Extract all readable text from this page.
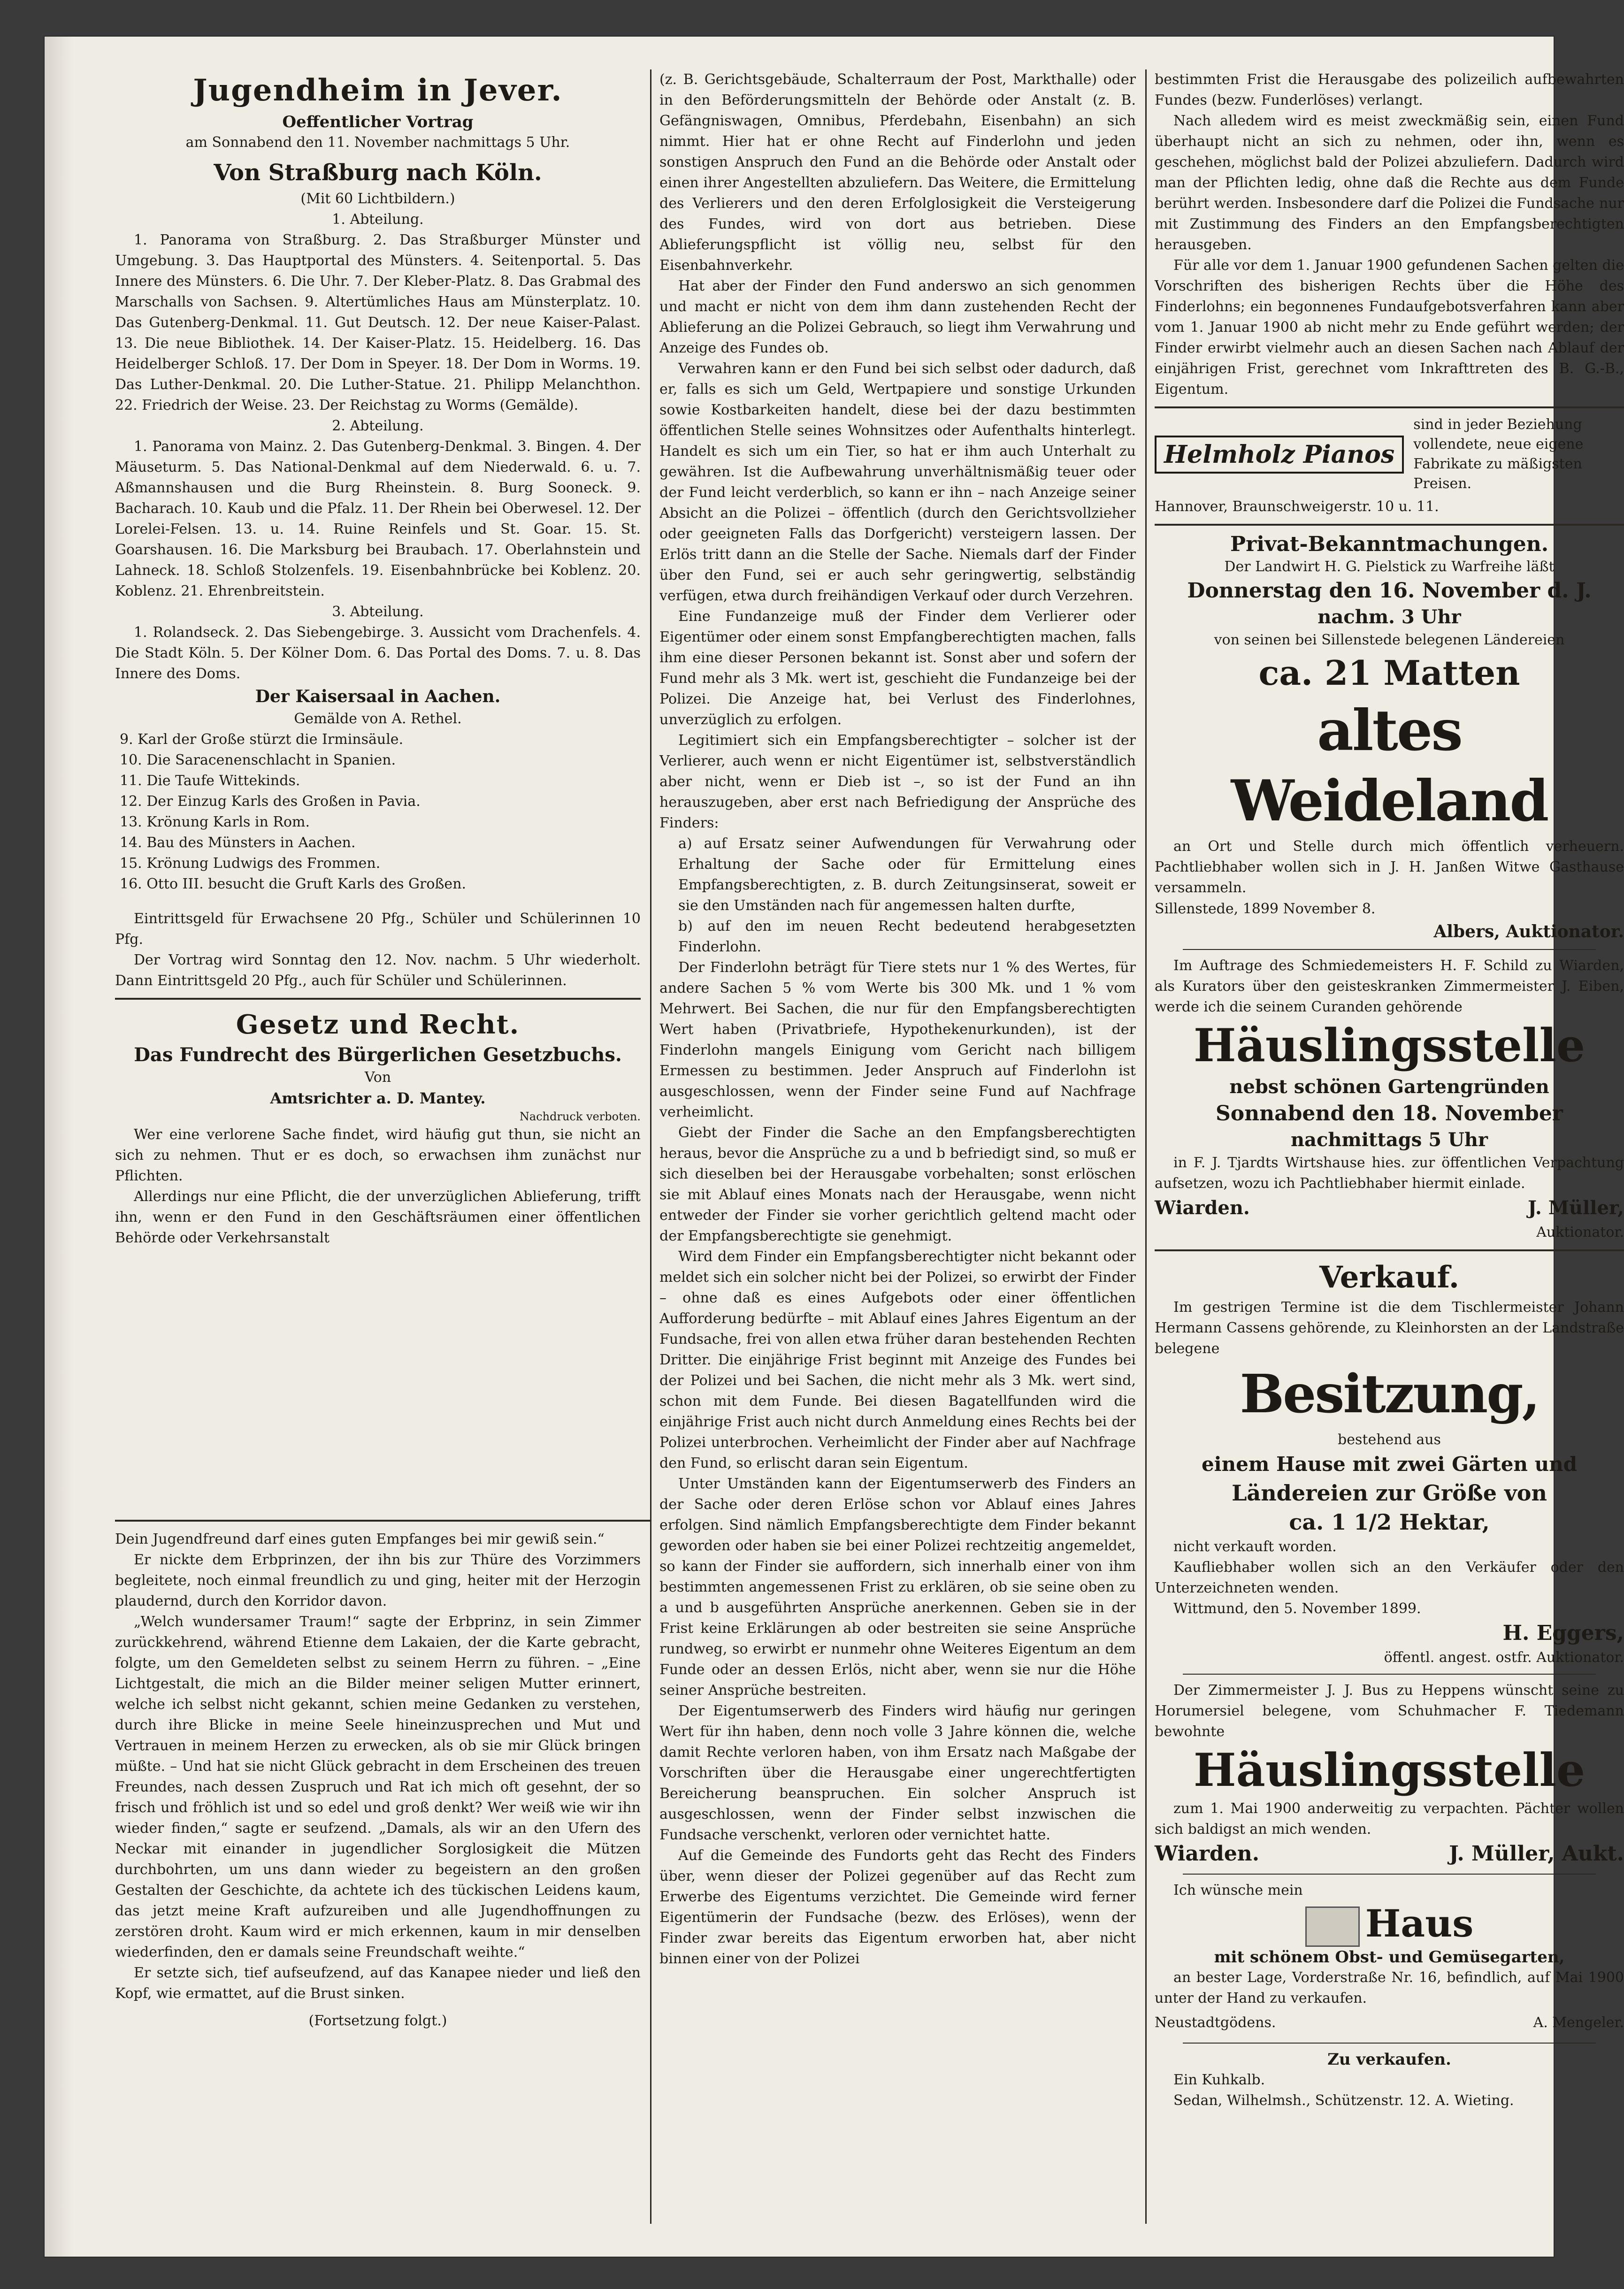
Jugendheim in Jever.

Oeffentlicher Vortrag

am Sonnabend den 11. November nachmittags 5 Uhr.

Von Straßburg nach Köln.

(Mit 60 Lichtbildern.)

1. Abteilung.

1. Panorama von Straßburg. 2. Das Straßburger Münster und Umgebung. 3. Das Hauptportal des Münsters. 4. Seitenportal. 5. Das Innere des Münsters. 6. Die Uhr. 7. Der Kleber-Platz. 8. Das Grabmal des Marschalls von Sachsen. 9. Altertümliches Haus am Münsterplatz. 10. Das Gutenberg-Denkmal. 11. Gut Deutsch. 12. Der neue Kaiser-Palast. 13. Die neue Bibliothek. 14. Der Kaiser-Platz. 15. Heidelberg. 16. Das Heidelberger Schloß. 17. Der Dom in Speyer. 18. Der Dom in Worms. 19. Das Luther-Denkmal. 20. Die Luther-Statue. 21. Philipp Melanchthon. 22. Friedrich der Weise. 23. Der Reichstag zu Worms (Gemälde).

2. Abteilung.

1. Panorama von Mainz. 2. Das Gutenberg-Denkmal. 3. Bingen. 4. Der Mäuseturm. 5. Das National-Denkmal auf dem Niederwald. 6. u. 7. Aßmannshausen und die Burg Rheinstein. 8. Burg Sooneck. 9. Bacharach. 10. Kaub und die Pfalz. 11. Der Rhein bei Oberwesel. 12. Der Lorelei-Felsen. 13. u. 14. Ruine Reinfels und St. Goar. 15. St. Goarshausen. 16. Die Marksburg bei Braubach. 17. Oberlahnstein und Lahneck. 18. Schloß Stolzenfels. 19. Eisenbahnbrücke bei Koblenz. 20. Koblenz. 21. Ehrenbreitstein.

3. Abteilung.

1. Rolandseck. 2. Das Siebengebirge. 3. Aussicht vom Drachenfels. 4. Die Stadt Köln. 5. Der Kölner Dom. 6. Das Portal des Doms. 7. u. 8. Das Innere des Doms.

Der Kaisersaal in Aachen.

Gemälde von A. Rethel.

9. Karl der Große stürzt die Irminsäule.

10. Die Saracenenschlacht in Spanien.

11. Die Taufe Wittekinds.

12. Der Einzug Karls des Großen in Pavia.

13. Krönung Karls in Rom.

14. Bau des Münsters in Aachen.

15. Krönung Ludwigs des Frommen.

16. Otto III. besucht die Gruft Karls des Großen.

Eintrittsgeld für Erwachsene 20 Pfg., Schüler und Schülerinnen 10 Pfg.

Der Vortrag wird Sonntag den 12. Nov. nachm. 5 Uhr wiederholt. Dann Eintrittsgeld 20 Pfg., auch für Schüler und Schülerinnen.

Gesetz und Recht.
Das Fundrecht des Bürgerlichen Gesetzbuchs.

Von

Amtsrichter a. D. Mantey.

Nachdruck verboten.

Wer eine verlorene Sache findet, wird häufig gut thun, sie nicht an sich zu nehmen. Thut er es doch, so erwachsen ihm zunächst nur Pflichten.

Allerdings nur eine Pflicht, die der unverzüglichen Ablieferung, trifft ihn, wenn er den Fund in den Geschäftsräumen einer öffentlichen Behörde oder Verkehrsanstalt

Dein Jugendfreund darf eines guten Empfanges bei mir gewiß sein.“

Er nickte dem Erbprinzen, der ihn bis zur Thüre des Vorzimmers begleitete, noch einmal freundlich zu und ging, heiter mit der Herzogin plaudernd, durch den Korridor davon.

„Welch wundersamer Traum!“ sagte der Erbprinz, in sein Zimmer zurückkehrend, während Etienne dem Lakaien, der die Karte gebracht, folgte, um den Gemeldeten selbst zu seinem Herrn zu führen. – „Eine Lichtgestalt, die mich an die Bilder meiner seligen Mutter erinnert, welche ich selbst nicht gekannt, schien meine Gedanken zu verstehen, durch ihre Blicke in meine Seele hineinzusprechen und Mut und Vertrauen in meinem Herzen zu erwecken, als ob sie mir Glück bringen müßte. – Und hat sie nicht Glück gebracht in dem Erscheinen des treuen Freundes, nach dessen Zuspruch und Rat ich mich oft gesehnt, der so frisch und fröhlich ist und so edel und groß denkt? Wer weiß wie wir ihn wieder finden,“ sagte er seufzend. „Damals, als wir an den Ufern des Neckar mit einander in jugendlicher Sorglosigkeit die Mützen durchbohrten, um uns dann wieder zu begeistern an den großen Gestalten der Geschichte, da achtete ich des tückischen Leidens kaum, das jetzt meine Kraft aufzureiben und alle Jugendhoffnungen zu zerstören droht. Kaum wird er mich erkennen, kaum in mir denselben wiederfinden, den er damals seine Freundschaft weihte.“

Er setzte sich, tief aufseufzend, auf das Kanapee nieder und ließ den Kopf, wie ermattet, auf die Brust sinken.

(Fortsetzung folgt.)

(z. B. Gerichtsgebäude, Schalterraum der Post, Markthalle) oder in den Beförderungsmitteln der Behörde oder Anstalt (z. B. Gefängniswagen, Omnibus, Pferdebahn, Eisenbahn) an sich nimmt. Hier hat er ohne Recht auf Finderlohn und jeden sonstigen Anspruch den Fund an die Behörde oder Anstalt oder einen ihrer Angestellten abzuliefern. Das Weitere, die Ermittelung des Verlierers und den deren Erfolglosigkeit die Versteigerung des Fundes, wird von dort aus betrieben. Diese Ablieferungspflicht ist völlig neu, selbst für den Eisenbahnverkehr.

Hat aber der Finder den Fund anderswo an sich genommen und macht er nicht von dem ihm dann zustehenden Recht der Ablieferung an die Polizei Gebrauch, so liegt ihm Verwahrung und Anzeige des Fundes ob.

Verwahren kann er den Fund bei sich selbst oder dadurch, daß er, falls es sich um Geld, Wertpapiere und sonstige Urkunden sowie Kostbarkeiten handelt, diese bei der dazu bestimmten öffentlichen Stelle seines Wohnsitzes oder Aufenthalts hinterlegt. Handelt es sich um ein Tier, so hat er ihm auch Unterhalt zu gewähren. Ist die Aufbewahrung unverhältnismäßig teuer oder der Fund leicht verderblich, so kann er ihn – nach Anzeige seiner Absicht an die Polizei – öffentlich (durch den Gerichtsvollzieher oder geeigneten Falls das Dorfgericht) versteigern lassen. Der Erlös tritt dann an die Stelle der Sache. Niemals darf der Finder über den Fund, sei er auch sehr geringwertig, selbständig verfügen, etwa durch freihändigen Verkauf oder durch Verzehren.

Eine Fundanzeige muß der Finder dem Verlierer oder Eigentümer oder einem sonst Empfangberechtigten machen, falls ihm eine dieser Personen bekannt ist. Sonst aber und sofern der Fund mehr als 3 Mk. wert ist, geschieht die Fundanzeige bei der Polizei. Die Anzeige hat, bei Verlust des Finderlohnes, unverzüglich zu erfolgen.

Legitimiert sich ein Empfangsberechtigter – solcher ist der Verlierer, auch wenn er nicht Eigentümer ist, selbstverständlich aber nicht, wenn er Dieb ist –, so ist der Fund an ihn herauszugeben, aber erst nach Befriedigung der Ansprüche des Finders:

a) auf Ersatz seiner Aufwendungen für Verwahrung oder Erhaltung der Sache oder für Ermittelung eines Empfangsberechtigten, z. B. durch Zeitungsinserat, soweit er sie den Umständen nach für angemessen halten durfte,

b) auf den im neuen Recht bedeutend herabgesetzten Finderlohn.

Der Finderlohn beträgt für Tiere stets nur 1 % des Wertes, für andere Sachen 5 % vom Werte bis 300 Mk. und 1 % vom Mehrwert. Bei Sachen, die nur für den Empfangsberechtigten Wert haben (Privatbriefe, Hypothekenurkunden), ist der Finderlohn mangels Einigung vom Gericht nach billigem Ermessen zu bestimmen. Jeder Anspruch auf Finderlohn ist ausgeschlossen, wenn der Finder seine Fund auf Nachfrage verheimlicht.

Giebt der Finder die Sache an den Empfangsberechtigten heraus, bevor die Ansprüche zu a und b befriedigt sind, so muß er sich dieselben bei der Herausgabe vorbehalten; sonst erlöschen sie mit Ablauf eines Monats nach der Herausgabe, wenn nicht entweder der Finder sie vorher gerichtlich geltend macht oder der Empfangsberechtigte sie genehmigt.

Wird dem Finder ein Empfangsberechtigter nicht bekannt oder meldet sich ein solcher nicht bei der Polizei, so erwirbt der Finder – ohne daß es eines Aufgebots oder einer öffentlichen Aufforderung bedürfte – mit Ablauf eines Jahres Eigentum an der Fundsache, frei von allen etwa früher daran bestehenden Rechten Dritter. Die einjährige Frist beginnt mit Anzeige des Fundes bei der Polizei und bei Sachen, die nicht mehr als 3 Mk. wert sind, schon mit dem Funde. Bei diesen Bagatellfunden wird die einjährige Frist auch nicht durch Anmeldung eines Rechts bei der Polizei unterbrochen. Verheimlicht der Finder aber auf Nachfrage den Fund, so erlischt daran sein Eigentum.

Unter Umständen kann der Eigentumserwerb des Finders an der Sache oder deren Erlöse schon vor Ablauf eines Jahres erfolgen. Sind nämlich Empfangsberechtigte dem Finder bekannt geworden oder haben sie bei einer Polizei rechtzeitig angemeldet, so kann der Finder sie auffordern, sich innerhalb einer von ihm bestimmten angemessenen Frist zu erklären, ob sie seine oben zu a und b ausgeführten Ansprüche anerkennen. Geben sie in der Frist keine Erklärungen ab oder bestreiten sie seine Ansprüche rundweg, so erwirbt er nunmehr ohne Weiteres Eigentum an dem Funde oder an dessen Erlös, nicht aber, wenn sie nur die Höhe seiner Ansprüche bestreiten.

Der Eigentumserwerb des Finders wird häufig nur geringen Wert für ihn haben, denn noch volle 3 Jahre können die, welche damit Rechte verloren haben, von ihm Ersatz nach Maßgabe der Vorschriften über die Herausgabe einer ungerechtfertigten Bereicherung beanspruchen. Ein solcher Anspruch ist ausgeschlossen, wenn der Finder selbst inzwischen die Fundsache verschenkt, verloren oder vernichtet hatte.

Auf die Gemeinde des Fundorts geht das Recht des Finders über, wenn dieser der Polizei gegenüber auf das Recht zum Erwerbe des Eigentums verzichtet. Die Gemeinde wird ferner Eigentümerin der Fundsache (bezw. des Erlöses), wenn der Finder zwar bereits das Eigentum erworben hat, aber nicht binnen einer von der Polizei

bestimmten Frist die Herausgabe des polizeilich aufbewahrten Fundes (bezw. Funderlöses) verlangt.

Nach alledem wird es meist zweckmäßig sein, einen Fund überhaupt nicht an sich zu nehmen, oder ihn, wenn es geschehen, möglichst bald der Polizei abzuliefern. Dadurch wird man der Pflichten ledig, ohne daß die Rechte aus dem Funde berührt werden. Insbesondere darf die Polizei die Fundsache nur mit Zustimmung des Finders an den Empfangsberechtigten herausgeben.

Für alle vor dem 1. Januar 1900 gefundenen Sachen gelten die Vorschriften des bisherigen Rechts über die Höhe des Finderlohns; ein begonnenes Fundaufgebotsverfahren kann aber vom 1. Januar 1900 ab nicht mehr zu Ende geführt werden; der Finder erwirbt vielmehr auch an diesen Sachen nach Ablauf der einjährigen Frist, gerechnet vom Inkrafttreten des B. G.-B., Eigentum.

Helmholz Pianos
sind in jeder Beziehung vollendete, neue eigene Fabrikate zu mäßigsten Preisen.

Hannover, Braunschweigerstr. 10 u. 11.

Privat-Bekanntmachungen.

Der Landwirt H. G. Pielstick zu Warfreihe läßt

Donnerstag den 16. November d. J.

nachm. 3 Uhr

von seinen bei Sillenstede belegenen Ländereien

ca. 21 Matten
altes Weideland

an Ort und Stelle durch mich öffentlich verheuern. Pachtliebhaber wollen sich in J. H. Janßen Witwe Gasthause versammeln.

Sillenstede, 1899 November 8.

Albers, Auktionator.

Im Auftrage des Schmiedemeisters H. F. Schild zu Wiarden, als Kurators über den geisteskranken Zimmermeister J. Eiben, werde ich die seinem Curanden gehörende

Häuslingsstelle

nebst schönen Gartengründen

Sonnabend den 18. November

nachmittags 5 Uhr

in F. J. Tjardts Wirtshause hies. zur öffentlichen Verpachtung aufsetzen, wozu ich Pachtliebhaber hiermit einlade.

Wiarden.	J. Müller,

Auktionator.

Verkauf.

Im gestrigen Termine ist die dem Tischlermeister Johann Hermann Cassens gehörende, zu Kleinhorsten an der Landstraße belegene

Besitzung,

bestehend aus

einem Hause mit zwei Gärten und

Ländereien zur Größe von

ca. 1 1/2 Hektar,

nicht verkauft worden.

Kaufliebhaber wollen sich an den Verkäufer oder den Unterzeichneten wenden.

Wittmund, den 5. November 1899.

H. Eggers,

öffentl. angest. ostfr. Auktionator.

Der Zimmermeister J. J. Bus zu Heppens wünscht seine zu Horumersiel belegene, vom Schuhmacher F. Tiedemann bewohnte

Häuslingsstelle

zum 1. Mai 1900 anderweitig zu verpachten. Pächter wollen sich baldigst an mich wenden.

Wiarden.	J. Müller, Aukt.

Ich wünsche mein

Haus

mit schönem Obst- und Gemüsegarten,

an bester Lage, Vorderstraße Nr. 16, befindlich, auf Mai 1900 unter der Hand zu verkaufen.

Neustadtgödens.	A. Mengeler.

Zu verkaufen.

Ein Kuhkalb.

Sedan, Wilhelmsh., Schützenstr. 12. A. Wieting.
